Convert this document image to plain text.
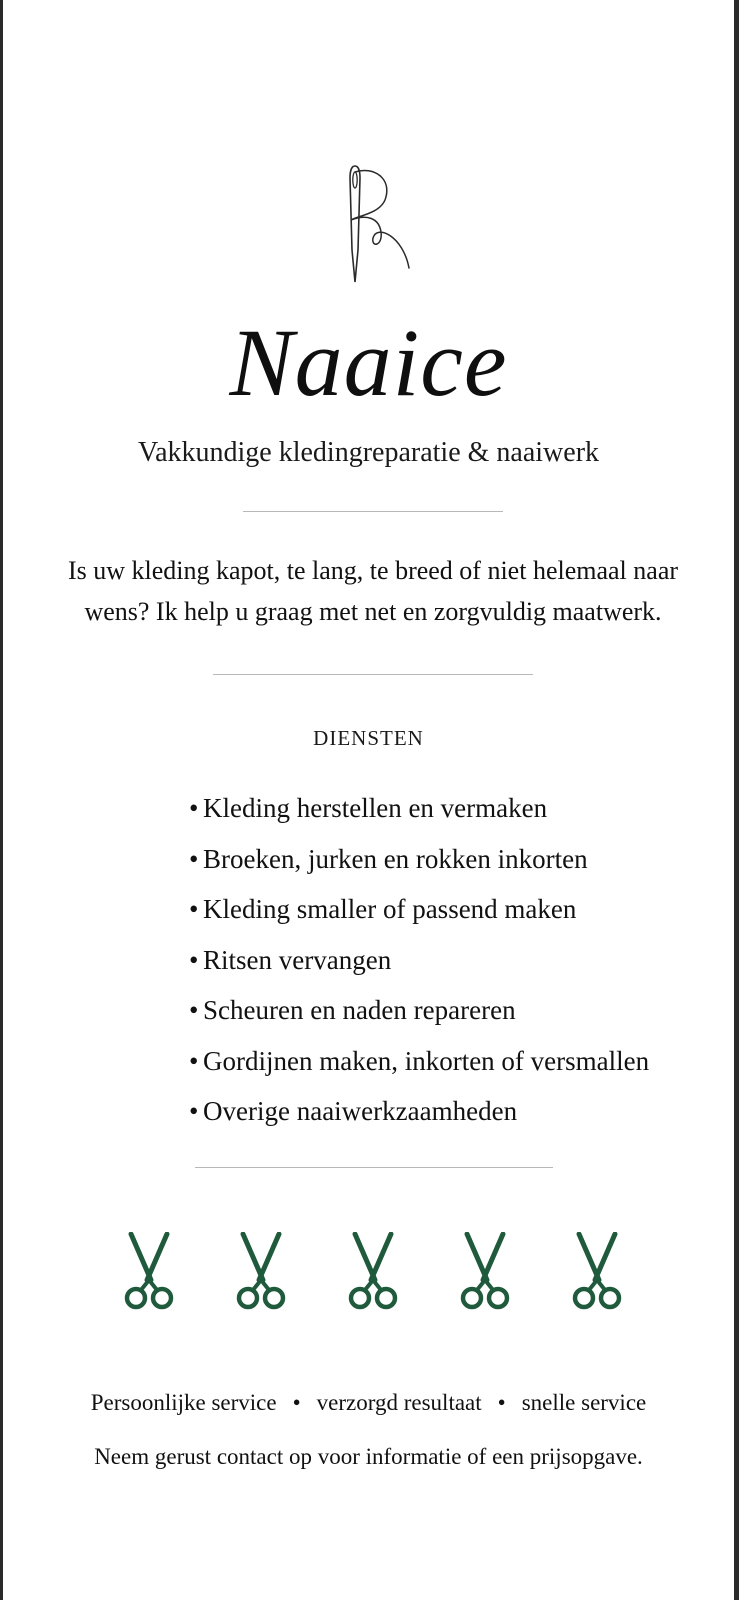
Naaice
Vakkundige kledingreparatie & naaiwerk
Is uw kleding kapot, te lang, te breed of niet helemaal naar
wens? Ik help u graag met net en zorgvuldig maatwerk.
DIENSTEN
• Kleding herstellen en vermaken
• Broeken, jurken en rokken inkorten
• Kleding smaller of passend maken
• Ritsen vervangen
• Scheuren en naden repareren
• Gordijnen maken, inkorten of versmallen
• Overige naaiwerkzaamheden
Persoonlijke service • verzorgd resultaat • snelle service
Neem gerust contact op voor informatie of een prijsopgave.
